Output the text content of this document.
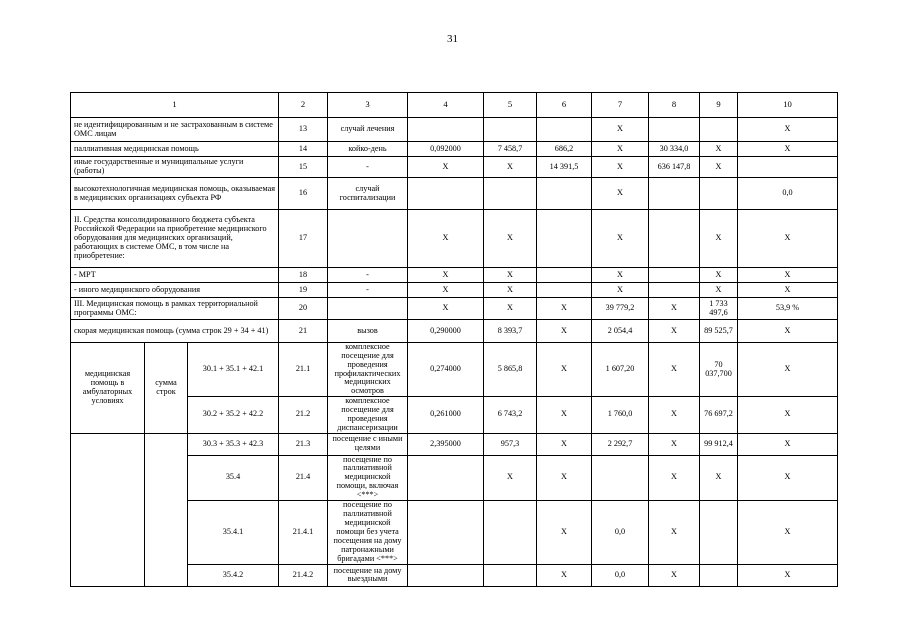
31
1			2	3	4	5	6	7	8	9	10
не идентифицированным и не застрахованным в системе ОМС лицам			13	случай лечения				X			X
паллиативная медицинская помощь			14	койко-день	0,092000	7 458,7	686,2	X	30 334,0	X	X
иные государственные и муниципальные услуги (работы)			15	-	X	X	14 391,5	X	636 147,8	X	
высокотехнологичная медицинская помощь, оказываемая в медицинских организациях субъекта РФ			16	случай госпитализации				X			0,0
II. Средства консолидированного бюджета субъекта Российской Федерации на приобретение медицинского оборудования для медицинских организаций, работающих в системе ОМС, в том числе на приобретение:			17		X	X		X		X	X
- МРТ			18	-	X	X		X		X	X
- иного медицинского оборудования			19	-	X	X		X		X	X
III. Медицинская помощь в рамках территориальной программы ОМС:			20		X	X	X	39 779,2	X	1 733 497,6	53,9 %
скорая медицинская помощь (сумма строк 29 + 34 + 41)			21	вызов	0,290000	8 393,7	X	2 054,4	X	89 525,7	X
медицинская помощь в амбулаторных условиях	сумма строк	30.1 + 35.1 + 42.1	21.1	комплексное посещение для проведения профилактических медицинских осмотров	0,274000	5 865,8	X	1 607,20	X	70 037,700	X
		30.2 + 35.2 + 42.2	21.2	комплексное посещение для проведения диспансеризации	0,261000	6 743,2	X	1 760,0	X	76 697,2	X
		30.3 + 35.3 + 42.3	21.3	посещение с иными целями	2,395000	957,3	X	2 292,7	X	99 912,4	X
		35.4	21.4	посещение по паллиативной медицинской помощи, включая <***>		X	X		X	X	X
		35.4.1	21.4.1	посещение по паллиативной медицинской помощи без учета посещения на дому патронажными бригадами <***>			X	0,0	X		X
		35.4.2	21.4.2	посещение на дому выездными			X	0,0	X		X
